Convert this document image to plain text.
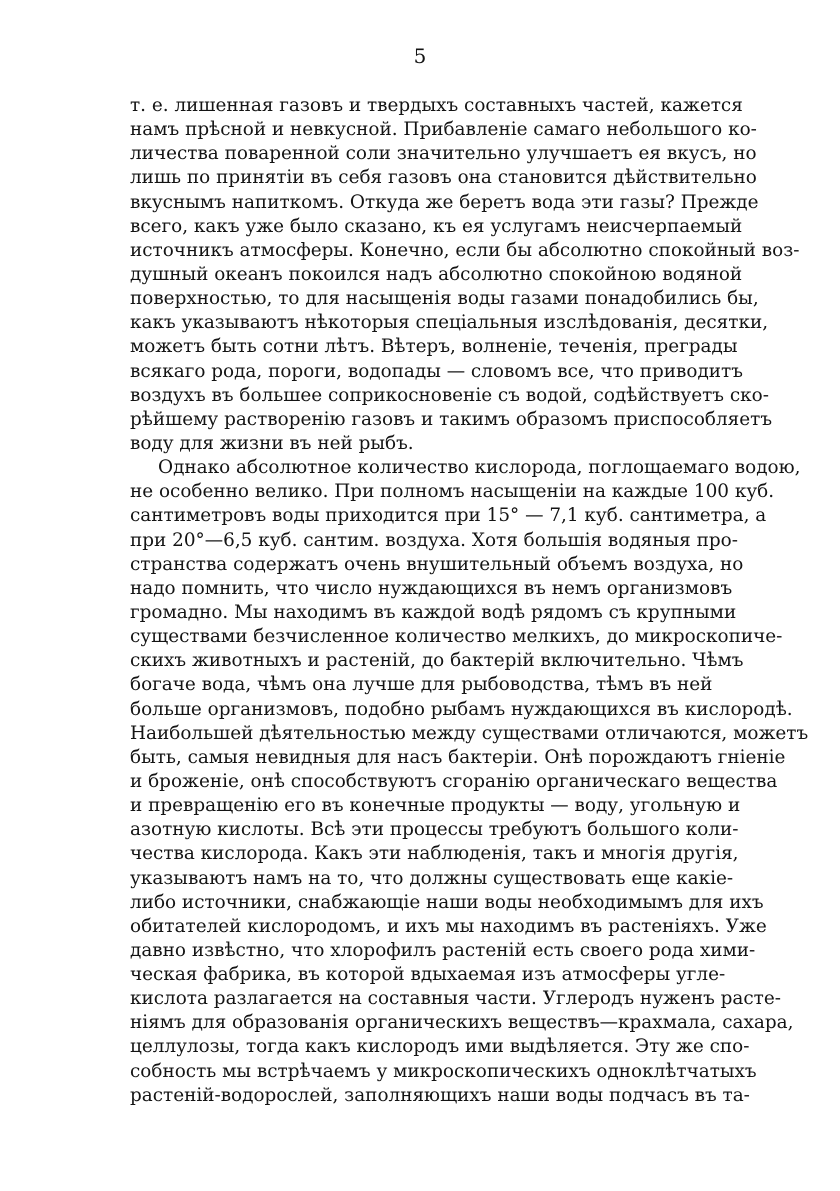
5
т. е. лишенная газовъ и твердыхъ составныхъ частей, кажется
намъ прѣсной и невкусной. Прибавленіе самаго небольшого ко-
личества поваренной соли значительно улучшаетъ ея вкусъ, но
лишь по принятіи въ себя газовъ она становится дѣйствительно
вкуснымъ напиткомъ. Откуда же берeтъ вода эти газы? Прежде
всего, какъ уже было сказано, къ ея услугамъ неисчерпаемый
источникъ атмосферы. Конечно, если бы абсолютно спокойный воз-
душный океанъ покоился надъ абсолютно спокойною водяной
поверхностью, то для насыщенія воды газами понадобились бы,
какъ указываютъ нѣкоторыя спеціальныя изслѣдованія, десятки,
можетъ быть сотни лѣтъ. Вѣтеръ, волненіе, теченія, преграды
всякаго рода, пороги, водопады — словомъ все, что приводитъ
воздухъ въ большее соприкосновеніе съ водой, содѣйствуетъ ско-
рѣйшему растворенію газовъ и такимъ образомъ приспособляетъ
воду для жизни въ ней рыбъ.
Однако абсолютное количество кислорода, поглощаемаго водою,
не особенно велико. При полномъ насыщеніи на каждые 100 куб.
сантиметровъ воды приходится при 15° — 7,1 куб. сантиметра, а
при 20°—6,5 куб. сантим. воздуха. Хотя большія водяныя про-
странства содержатъ очень внушительный объемъ воздуха, но
надо помнить, что число нуждающихся въ немъ организмовъ
громадно. Мы находимъ въ каждой водѣ рядомъ съ крупными
существами безчисленное количество мелкихъ, до микроскопиче-
скихъ животныхъ и растеній, до бактерій включительно. Чѣмъ
богаче вода, чѣмъ она лучше для рыбоводства, тѣмъ въ ней
больше организмовъ, подобно рыбамъ нуждающихся въ кислородѣ.
Наибольшей дѣятельностью между существами отличаются, можетъ
быть, самыя невидныя для насъ бактеріи. Онѣ порождаютъ гніеніе
и броженіе, онѣ способствуютъ сгоранію органическаго вещества
и превращенію его въ конечные продукты — воду, угольную и
азотную кислоты. Всѣ эти процессы требуютъ большого коли-
чества кислорода. Какъ эти наблюденія, такъ и многія другія,
указываютъ намъ на то, что должны существовать еще какіе-
либо источники, снабжающіе наши воды необходимымъ для ихъ
обитателей кислородомъ, и ихъ мы находимъ въ растеніяхъ. Уже
давно извѣстно, что хлорофилъ растеній есть своего рода хими-
ческая фабрика, въ которой вдыхаемая изъ атмосферы угле-
кислота разлагается на составныя части. Углеродъ нуженъ расте-
ніямъ для образованія органическихъ веществъ—крахмала, сахара,
целлулозы, тогда какъ кислородъ ими выдѣляется. Эту же спо-
собность мы встрѣчаемъ у микроскопическихъ одноклѣтчатыхъ
растеній-водорослей, заполняющихъ наши воды подчасъ въ та-
